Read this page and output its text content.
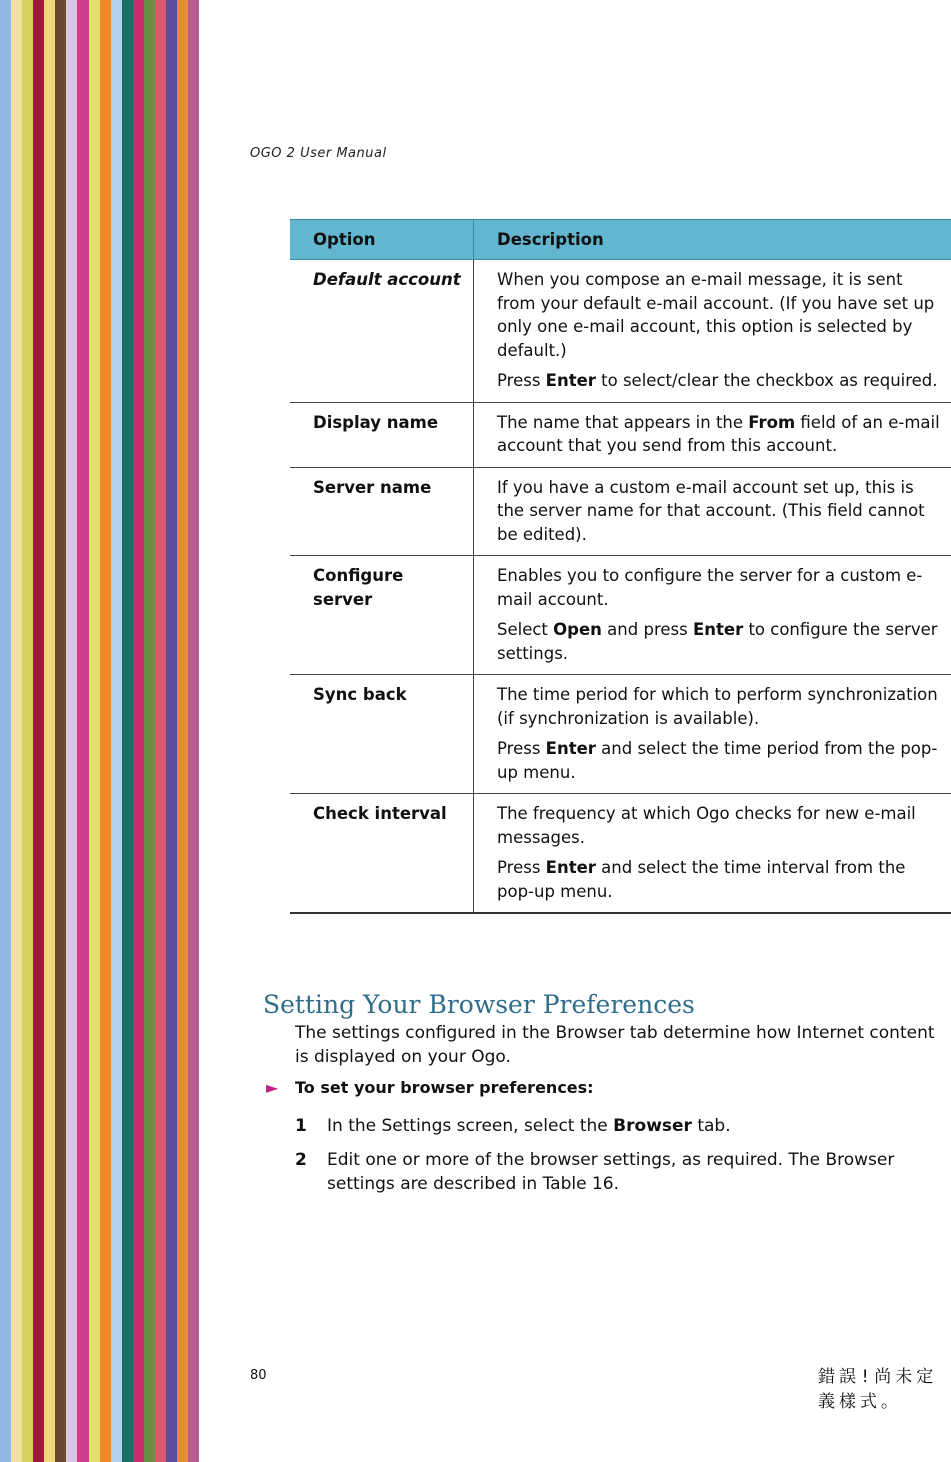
OGO 2 User Manual
Option	Description
Default account	When you compose an e-mail message, it is sent from your default e-mail account. (If you have set up only one e-mail account, this option is selected by default.)

Press Enter to select/clear the checkbox as required.

Display name	The name that appears in the From field of an e-mail account that you send from this account.

Server name	If you have a custom e-mail account set up, this is the server name for that account. (This field cannot be edited).

Configure server	Enables you to configure the server for a custom e-mail account.

Select Open and press Enter to configure the server settings.

Sync back	The time period for which to perform synchronization (if synchronization is available).

Press Enter and select the time period from the pop-up menu.

Check interval	The frequency at which Ogo checks for new e-mail messages.

Press Enter and select the time interval from the pop-up menu.

Setting Your Browser Preferences

The settings configured in the Browser tab determine how Internet content is displayed on your Ogo.

► To set your browser preferences:
1 In the Settings screen, select the Browser tab.
2 Edit one or more of the browser settings, as required. The Browser settings are described in Table 16.
80	錯誤!尚未定義樣式。
